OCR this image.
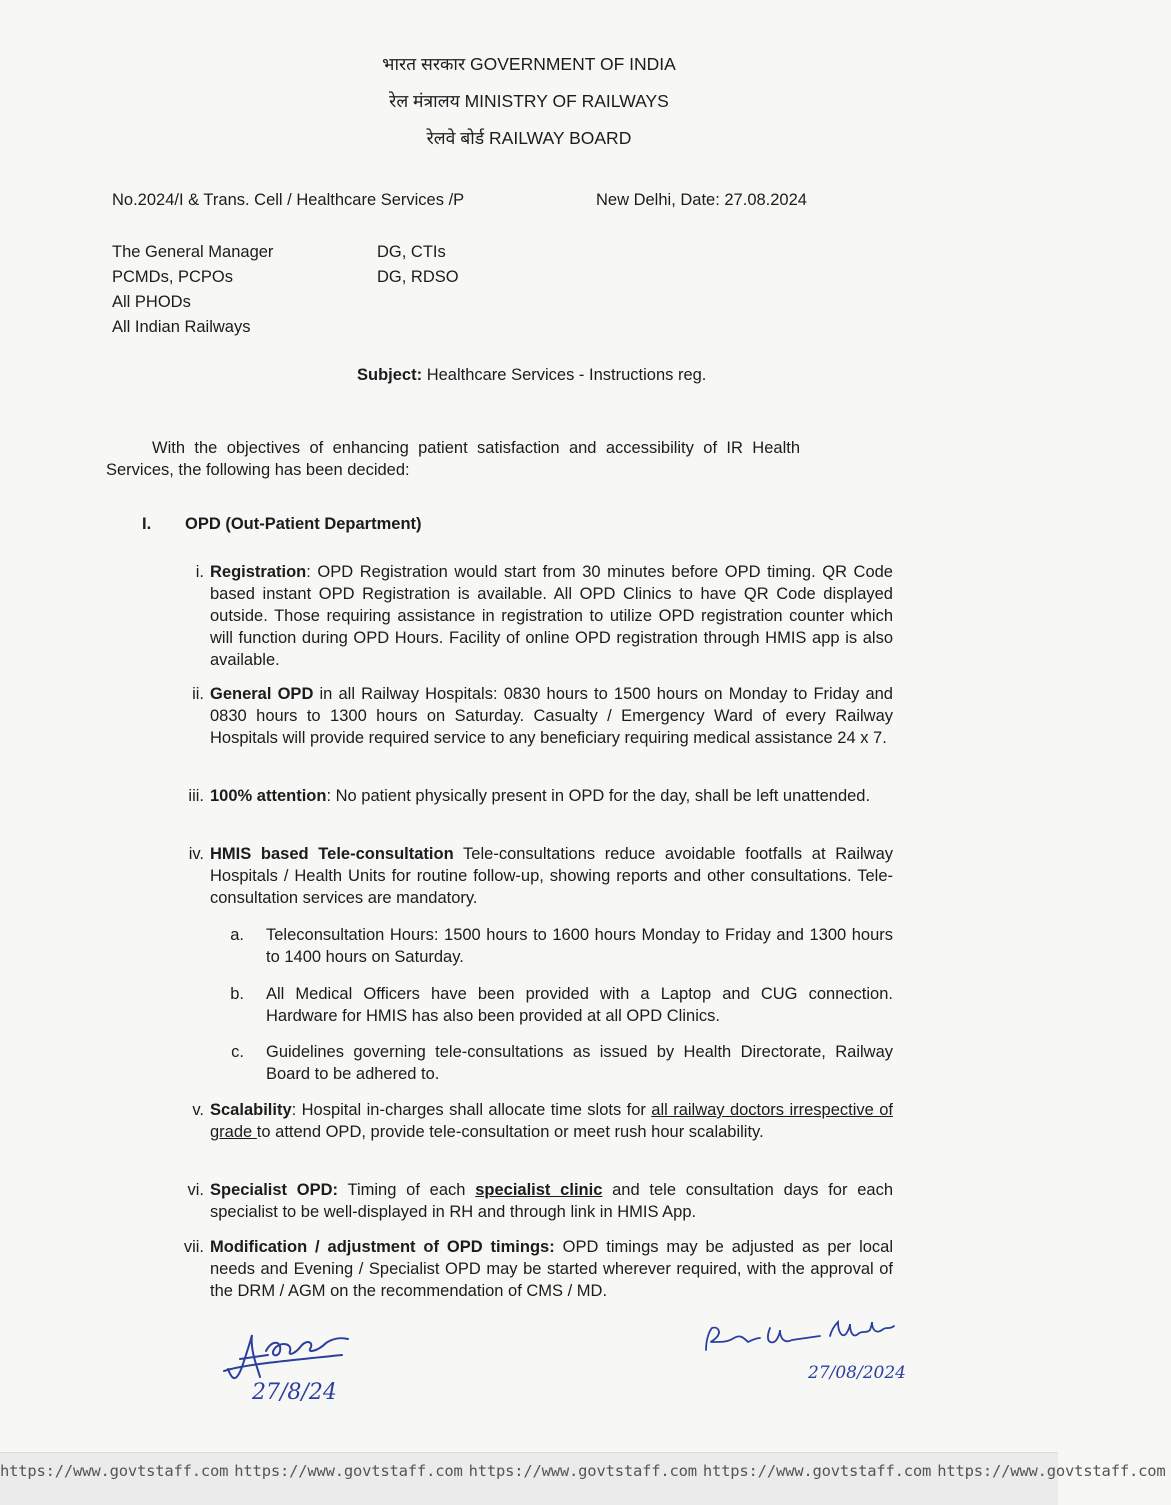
भारत सरकार GOVERNMENT OF INDIA
रेल मंत्रालय MINISTRY OF RAILWAYS
रेलवे बोर्ड RAILWAY BOARD
No.2024/I & Trans. Cell / Healthcare Services /P	New Delhi, Date: 27.08.2024
The General Manager
PCMDs, PCPOs
All PHODs
All Indian Railways
DG, CTIs
DG, RDSO
Subject: Healthcare Services - Instructions reg.
With the objectives of enhancing patient satisfaction and accessibility of IR Health Services, the following has been decided:
I. OPD (Out-Patient Department)
i. Registration: OPD Registration would start from 30 minutes before OPD timing. QR Code based instant OPD Registration is available. All OPD Clinics to have QR Code displayed outside. Those requiring assistance in registration to utilize OPD registration counter which will function during OPD Hours. Facility of online OPD registration through HMIS app is also available.
ii. General OPD in all Railway Hospitals: 0830 hours to 1500 hours on Monday to Friday and 0830 hours to 1300 hours on Saturday. Casualty / Emergency Ward of every Railway Hospitals will provide required service to any beneficiary requiring medical assistance 24 x 7.
iii. 100% attention: No patient physically present in OPD for the day, shall be left unattended.
iv. HMIS based Tele-consultation Tele-consultations reduce avoidable footfalls at Railway Hospitals / Health Units for routine follow-up, showing reports and other consultations. Tele-consultation services are mandatory.
a. Teleconsultation Hours: 1500 hours to 1600 hours Monday to Friday and 1300 hours to 1400 hours on Saturday.
b. All Medical Officers have been provided with a Laptop and CUG connection. Hardware for HMIS has also been provided at all OPD Clinics.
c. Guidelines governing tele-consultations as issued by Health Directorate, Railway Board to be adhered to.
v. Scalability: Hospital in-charges shall allocate time slots for all railway doctors irrespective of grade to attend OPD, provide tele-consultation or meet rush hour scalability.
vi. Specialist OPD: Timing of each specialist clinic and tele consultation days for each specialist to be well-displayed in RH and through link in HMIS App.
vii. Modification / adjustment of OPD timings: OPD timings may be adjusted as per local needs and Evening / Specialist OPD may be started wherever required, with the approval of the DRM / AGM on the recommendation of CMS / MD.
27/8/24
27/08/2024
https://www.govtstaff.com https://www.govtstaff.com https://www.govtstaff.com https://www.govtstaff.com https://www.govtstaff.com
